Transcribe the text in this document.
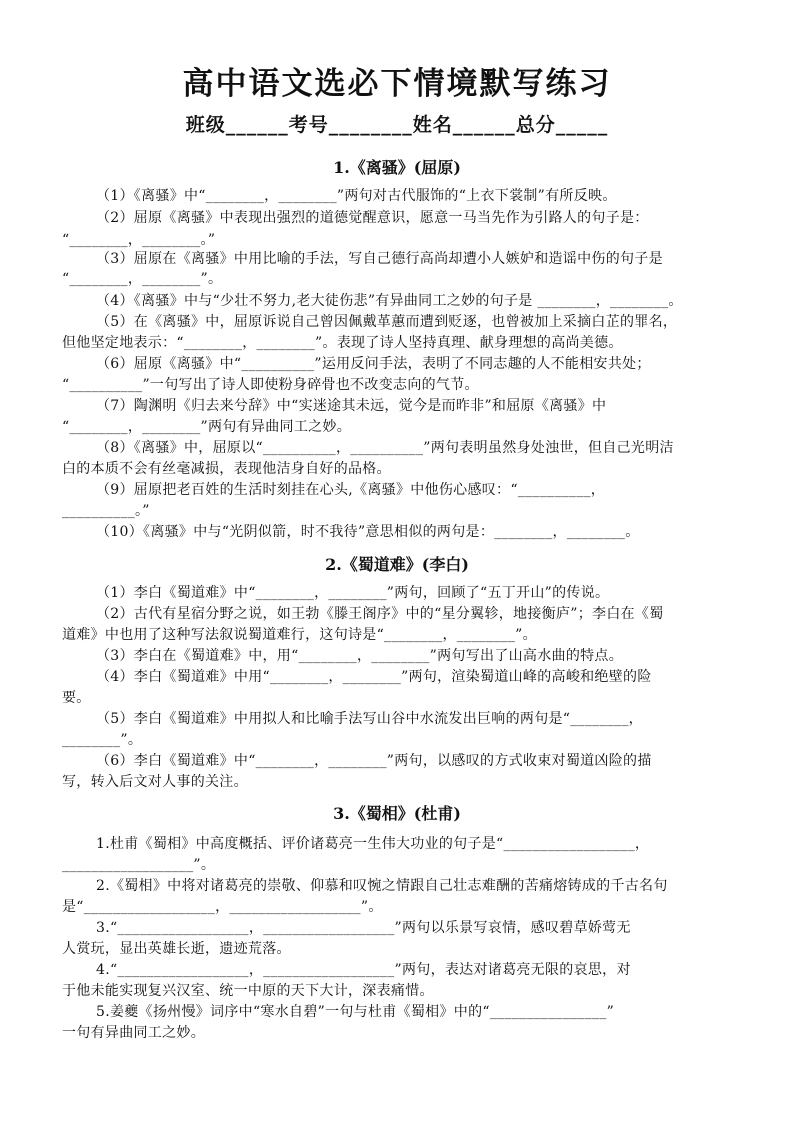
高中语文选必下情境默写练习
班级______考号________姓名______总分_____
1.《离骚》(屈原)
（1）《离骚》中“________，________”两句对古代服饰的“上衣下裳制”有所反映。
（2）屈原《离骚》中表现出强烈的道德觉醒意识，愿意一马当先作为引路人的句子是：
“________，________。”
（3）屈原在《离骚》中用比喻的手法，写自己德行高尚却遭小人嫉妒和造谣中伤的句子是
“________，________”。
（4）《离骚》中与“少壮不努力,老大徒伤悲”有异曲同工之妙的句子是 ________，________。
（5）在《离骚》中，屈原诉说自己曾因佩戴革蕙而遭到贬逐，也曾被加上采摘白芷的罪名，
但他坚定地表示：“________，________”。表现了诗人坚持真理、献身理想的高尚美德。
（6）屈原《离骚》中“__________”运用反问手法，表明了不同志趣的人不能相安共处；
“__________”一句写出了诗人即使粉身碎骨也不改变志向的气节。
（7）陶渊明《归去来兮辞》中“实迷途其未远，觉今是而昨非”和屈原《离骚》中
“________，________”两句有异曲同工之妙。
（8）《离骚》中，屈原以“__________，__________”两句表明虽然身处浊世，但自己光明洁
白的本质不会有丝毫减损，表现他洁身自好的品格。
（9）屈原把老百姓的生活时刻挂在心头,《离骚》中他伤心感叹：“__________，
__________。”
（10）《离骚》中与“光阴似箭，时不我待”意思相似的两句是：________，________。
2.《蜀道难》(李白)
（1）李白《蜀道难》中“________，________”两句，回顾了“五丁开山”的传说。
（2）古代有星宿分野之说，如王勃《滕王阁序》中的“星分翼轸，地接衡庐”；李白在《蜀
道难》中也用了这种写法叙说蜀道难行，这句诗是“________，________”。
（3）李白在《蜀道难》中，用“________，________”两句写出了山高水曲的特点。
（4）李白《蜀道难》中用“________，________”两句，渲染蜀道山峰的高峻和绝壁的险
要。
（5）李白《蜀道难》中用拟人和比喻手法写山谷中水流发出巨响的两句是“________，
________”。
（6）李白《蜀道难》中“________，________”两句，以感叹的方式收束对蜀道凶险的描
写，转入后文对人事的关注。
3.《蜀相》(杜甫)
1.杜甫《蜀相》中高度概括、评价诸葛亮一生伟大功业的句子是“__________________，
__________________”。
2.《蜀相》中将对诸葛亮的崇敬、仰慕和叹惋之情跟自己壮志难酬的苦痛熔铸成的千古名句
是“__________________，__________________”。
3.“__________________，__________________”两句以乐景写哀情，感叹碧草娇莺无
人赏玩，显出英雄长逝，遗迹荒落。
4.“__________________，__________________”两句，表达对诸葛亮无限的哀思，对
于他未能实现复兴汉室、统一中原的天下大计，深表痛惜。
5.姜夔《扬州慢》词序中“寒水自碧”一句与杜甫《蜀相》中的“________________”
一句有异曲同工之妙。
